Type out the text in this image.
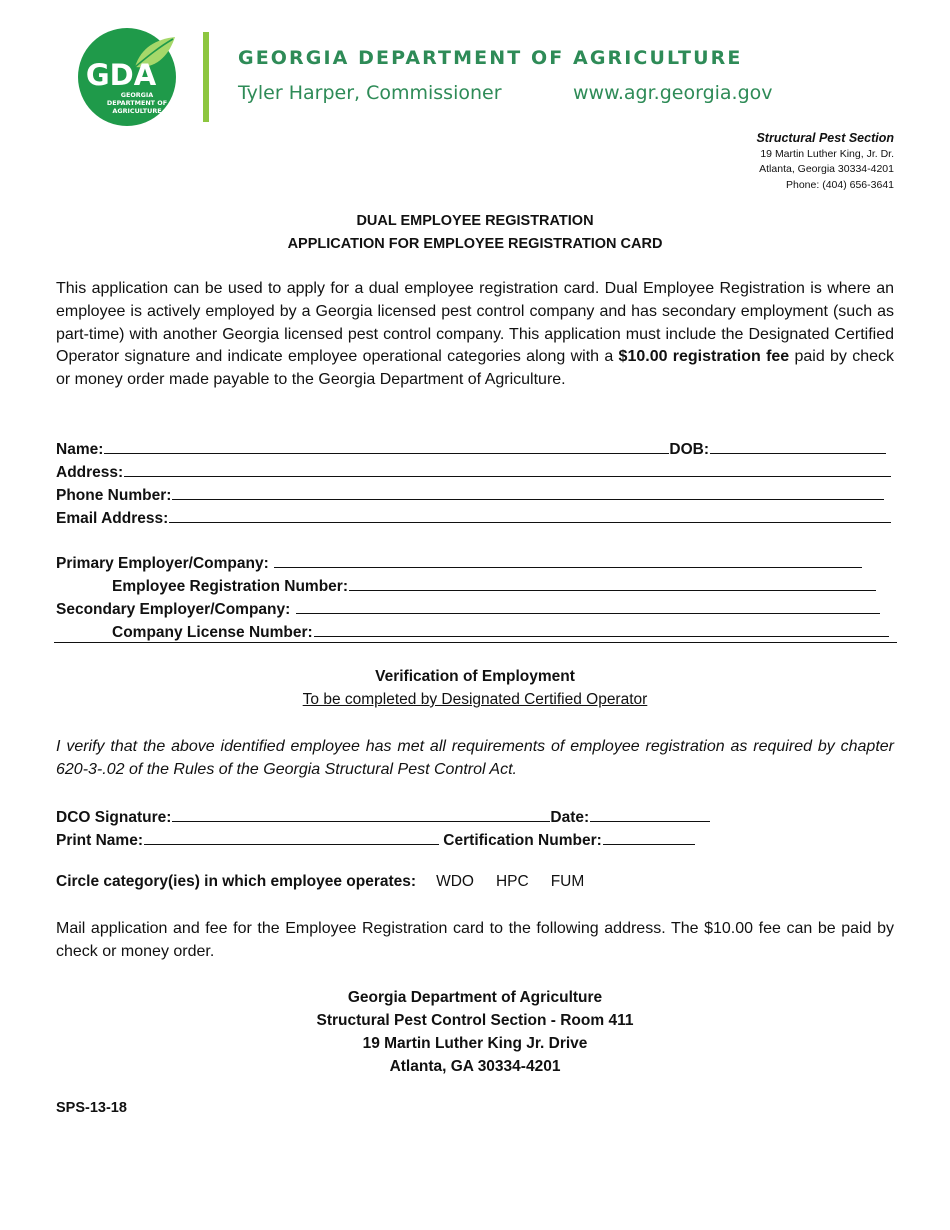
GDA
GEORGIA
DEPARTMENT OF
AGRICULTURE
GEORGIA DEPARTMENT OF AGRICULTURE
Tyler Harper, Commissioner	www.agr.georgia.gov
Structural Pest Section
19 Martin Luther King, Jr. Dr.
Atlanta, Georgia 30334-4201
Phone: (404) 656-3641
DUAL EMPLOYEE REGISTRATION
APPLICATION FOR EMPLOYEE REGISTRATION CARD
This application can be used to apply for a dual employee registration card. Dual Employee Registration is where an employee is actively employed by a Georgia licensed pest control company and has secondary employment (such as part-time) with another Georgia licensed pest control company. This application must include the Designated Certified Operator signature and indicate employee operational categories along with a $10.00 registration fee paid by check or money order made payable to the Georgia Department of Agriculture.
Name:	DOB:
Address:
Phone Number:
Email Address:
Primary Employer/Company:
Employee Registration Number:
Secondary Employer/Company:
Company License Number:
Verification of Employment
To be completed by Designated Certified Operator
I verify that the above identified employee has met all requirements of employee registration as required by chapter 620-3-.02 of the Rules of the Georgia Structural Pest Control Act.
DCO Signature:	Date:
Print Name:	Certification Number:
Circle category(ies) in which employee operates: WDO HPC FUM
Mail application and fee for the Employee Registration card to the following address. The $10.00 fee can be paid by check or money order.
Georgia Department of Agriculture
Structural Pest Control Section - Room 411
19 Martin Luther King Jr. Drive
Atlanta, GA 30334-4201
SPS-13-18
